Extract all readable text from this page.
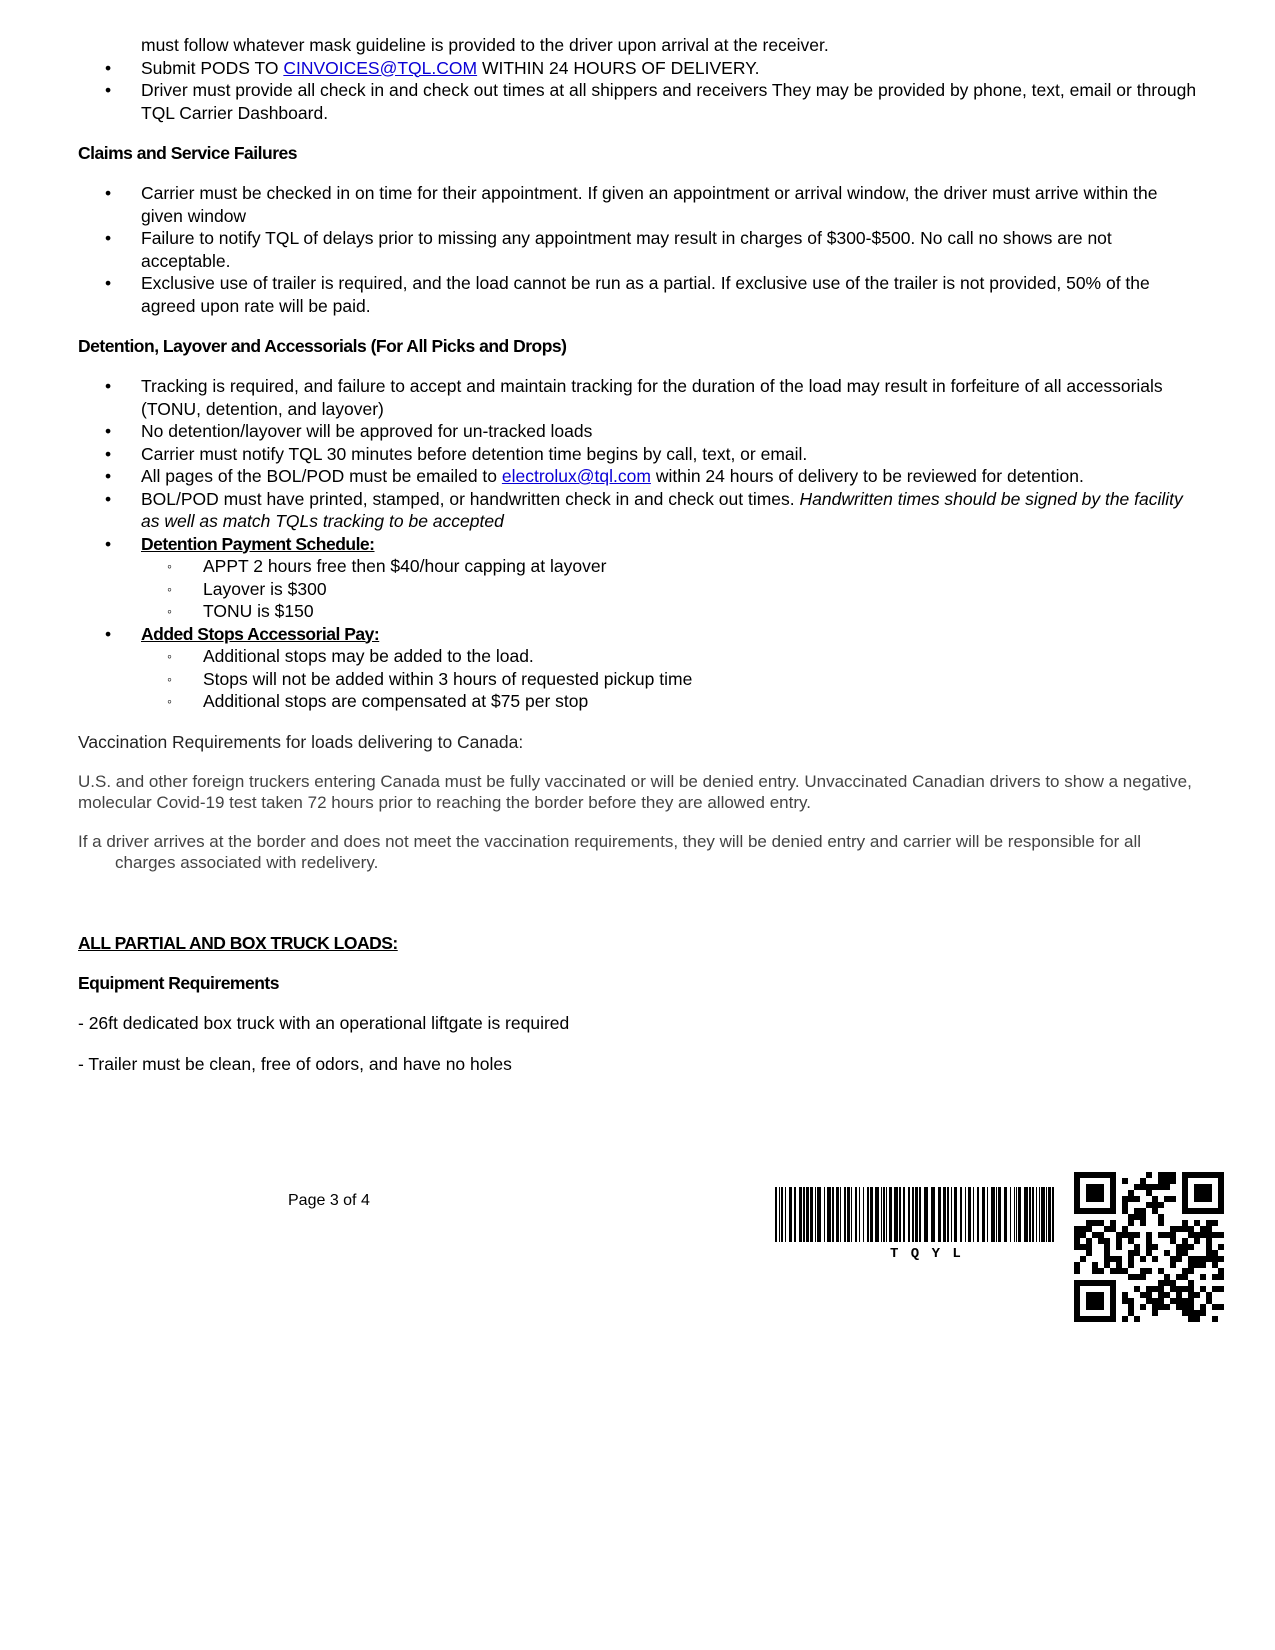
must follow whatever mask guideline is provided to the driver upon arrival at the receiver.
• Submit PODS TO CINVOICES@TQL.COM WITHIN 24 HOURS OF DELIVERY.
• Driver must provide all check in and check out times at all shippers and receivers They may be provided by phone, text, email or through TQL Carrier Dashboard.

Claims and Service Failures

• Carrier must be checked in on time for their appointment. If given an appointment or arrival window, the driver must arrive within the given window
• Failure to notify TQL of delays prior to missing any appointment may result in charges of $300-$500. No call no shows are not acceptable.
• Exclusive use of trailer is required, and the load cannot be run as a partial. If exclusive use of the trailer is not provided, 50% of the agreed upon rate will be paid.

Detention, Layover and Accessorials (For All Picks and Drops)

• Tracking is required, and failure to accept and maintain tracking for the duration of the load may result in forfeiture of all accessorials (TONU, detention, and layover)
• No detention/layover will be approved for un-tracked loads
• Carrier must notify TQL 30 minutes before detention time begins by call, text, or email.
• All pages of the BOL/POD must be emailed to electrolux@tql.com within 24 hours of delivery to be reviewed for detention.
• BOL/POD must have printed, stamped, or handwritten check in and check out times. Handwritten times should be signed by the facility as well as match TQLs tracking to be accepted
• Detention Payment Schedule:
◦ APPT 2 hours free then $40/hour capping at layover
◦ Layover is $300
◦ TONU is $150
• Added Stops Accessorial Pay:
◦ Additional stops may be added to the load.
◦ Stops will not be added within 3 hours of requested pickup time
◦ Additional stops are compensated at $75 per stop

Vaccination Requirements for loads delivering to Canada:

U.S. and other foreign truckers entering Canada must be fully vaccinated or will be denied entry. Unvaccinated Canadian drivers to show a negative, molecular Covid-19 test taken 72 hours prior to reaching the border before they are allowed entry.

If a driver arrives at the border and does not meet the vaccination requirements, they will be denied entry and carrier will be responsible for all charges associated with redelivery.

ALL PARTIAL AND BOX TRUCK LOADS:

Equipment Requirements

- 26ft dedicated box truck with an operational liftgate is required

- Trailer must be clean, free of odors, and have no holes

Page 3 of 4
T Q Y L
